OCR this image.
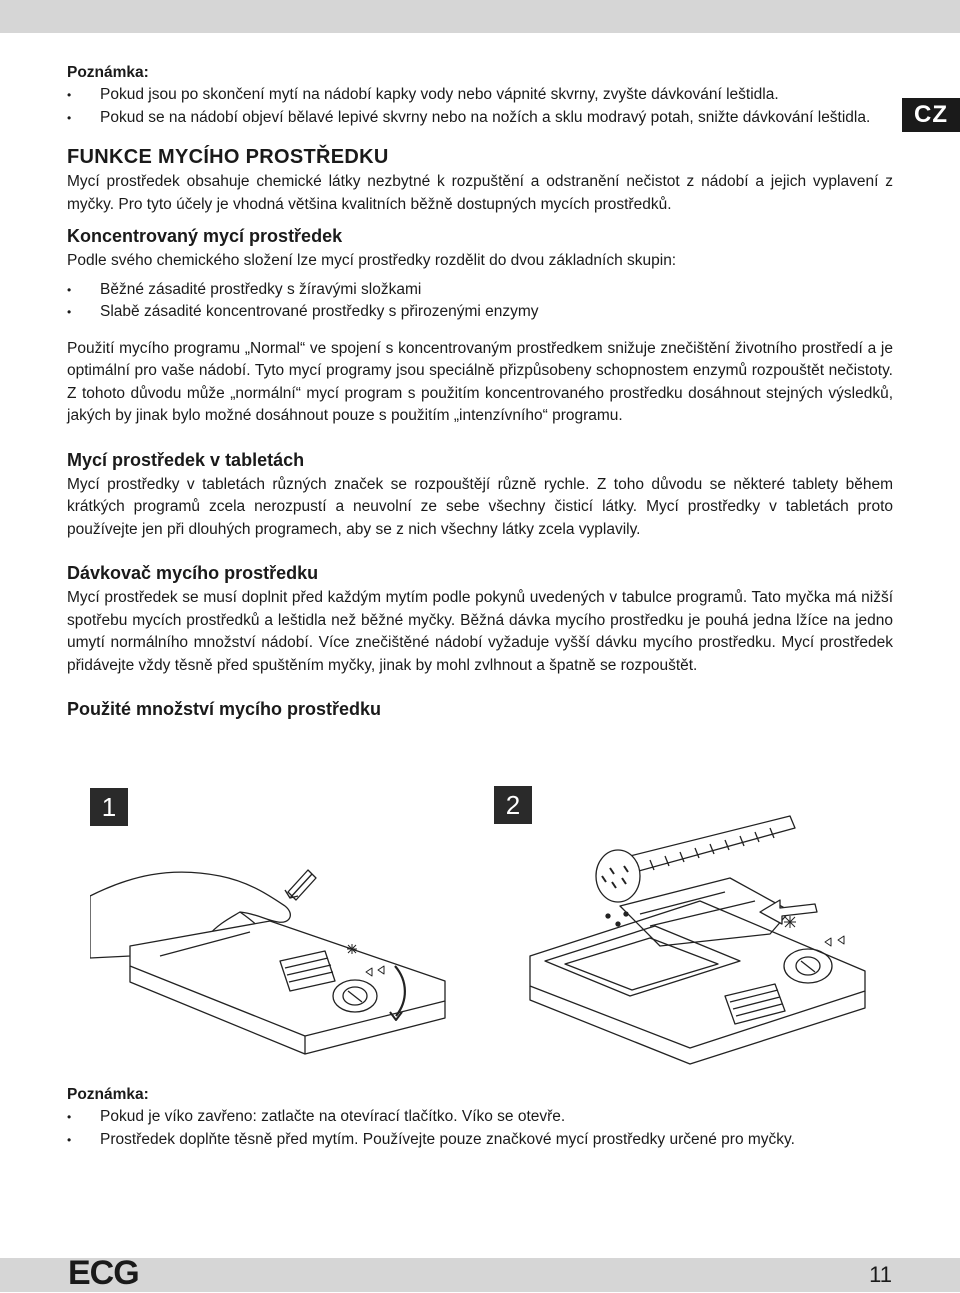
CZ
Poznámka:
• Pokud jsou po skončení mytí na nádobí kapky vody nebo vápnité skvrny, zvyšte dávkování leštidla.
• Pokud se na nádobí objeví bělavé lepivé skvrny nebo na nožích a sklu modravý potah, snižte dávkování leštidla.
FUNKCE MYCÍHO PROSTŘEDKU

Mycí prostředek obsahuje chemické látky nezbytné k rozpuštění a odstranění nečistot z nádobí a jejich vyplavení z myčky. Pro tyto účely je vhodná většina kvalitních běžně dostupných mycích prostředků.

Koncentrovaný mycí prostředek

Podle svého chemického složení lze mycí prostředky rozdělit do dvou základních skupin:

• Běžné zásadité prostředky s žíravými složkami
• Slabě zásadité koncentrované prostředky s přirozenými enzymy

Použití mycího programu „Normal“ ve spojení s koncentrovaným prostředkem snižuje znečištění životního prostředí a je optimální pro vaše nádobí. Tyto mycí programy jsou speciálně přizpůsobeny schopnostem enzymů rozpouštět nečistoty. Z tohoto důvodu může „normální“ mycí program s použitím koncentrovaného prostředku dosáhnout stejných výsledků, jakých by jinak bylo možné dosáhnout pouze s použitím „intenzívního“ programu.

Mycí prostředek v tabletách

Mycí prostředky v tabletách různých značek se rozpouštějí různě rychle. Z toho důvodu se některé tablety během krátkých programů zcela nerozpustí a neuvolní ze sebe všechny čisticí látky. Mycí prostředky v tabletách proto používejte jen při dlouhých programech, aby se z nich všechny látky zcela vyplavily.

Dávkovač mycího prostředku

Mycí prostředek se musí doplnit před každým mytím podle pokynů uvedených v tabulce programů. Tato myčka má nižší spotřebu mycích prostředků a leštidla než běžné myčky. Běžná dávka mycího prostředku je pouhá jedna lžíce na jedno umytí normálního množství nádobí. Více znečištěné nádobí vyžaduje vyšší dávku mycího prostředku. Mycí prostředek přidávejte vždy těsně před spuštěním myčky, jinak by mohl zvlhnout a špatně se rozpouštět.

Použité množství mycího prostředku
1	2
Poznámka:
• Pokud je víko zavřeno: zatlačte na otevírací tlačítko. Víko se otevře.
• Prostředek doplňte těsně před mytím. Používejte pouze značkové mycí prostředky určené pro myčky.
ECG	11
